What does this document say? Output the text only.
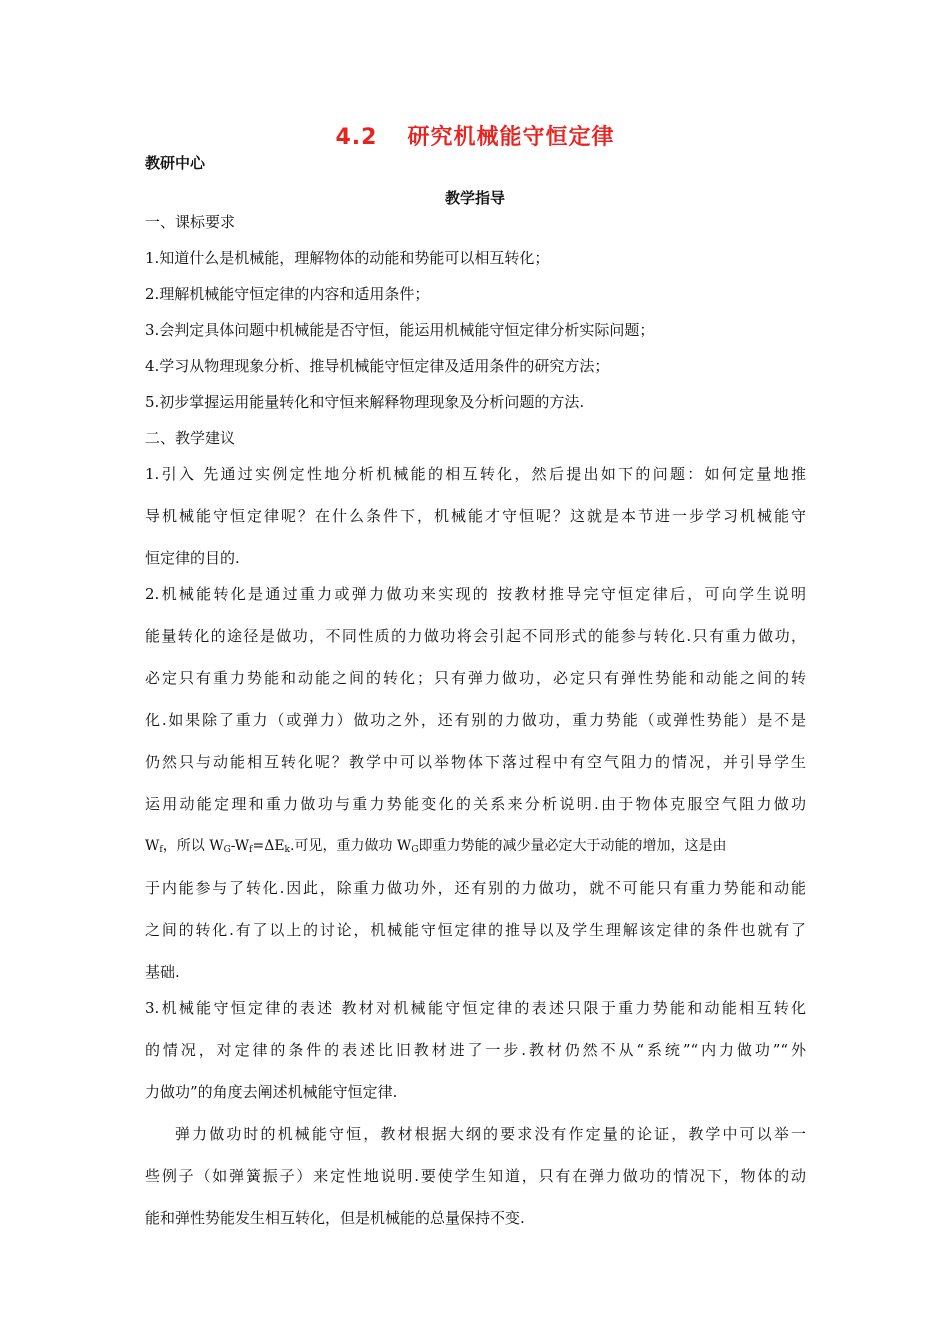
4.2 研究机械能守恒定律
教研中心
教学指导
一、课标要求
1.知道什么是机械能，理解物体的动能和势能可以相互转化；
2.理解机械能守恒定律的内容和适用条件；
3.会判定具体问题中机械能是否守恒，能运用机械能守恒定律分析实际问题；
4.学习从物理现象分析、推导机械能守恒定律及适用条件的研究方法；
5.初步掌握运用能量转化和守恒来解释物理现象及分析问题的方法.
二、教学建议
1.引入 先通过实例定性地分析机械能的相互转化，然后提出如下的问题：如何定量地推
导机械能守恒定律呢？在什么条件下，机械能才守恒呢？这就是本节进一步学习机械能守
恒定律的目的.
2.机械能转化是通过重力或弹力做功来实现的 按教材推导完守恒定律后，可向学生说明
能量转化的途径是做功，不同性质的力做功将会引起不同形式的能参与转化.只有重力做功，
必定只有重力势能和动能之间的转化；只有弹力做功，必定只有弹性势能和动能之间的转
化.如果除了重力（或弹力）做功之外，还有别的力做功，重力势能（或弹性势能）是不是
仍然只与动能相互转化呢？教学中可以举物体下落过程中有空气阻力的情况，并引导学生
运用动能定理和重力做功与重力势能变化的关系来分析说明.由于物体克服空气阻力做功
$W_f$，所以 $W_G-W_f=\Delta E_k$.可见，重力做功 $W_G$即重力势能的减少量必定大于动能的增加，这是由
于内能参与了转化.因此，除重力做功外，还有别的力做功，就不可能只有重力势能和动能
之间的转化.有了以上的讨论，机械能守恒定律的推导以及学生理解该定律的条件也就有了
基础.
3.机械能守恒定律的表述 教材对机械能守恒定律的表述只限于重力势能和动能相互转化
的情况，对定律的条件的表述比旧教材进了一步.教材仍然不从“系统”“内力做功”“外
力做功”的角度去阐述机械能守恒定律.
弹力做功时的机械能守恒，教材根据大纲的要求没有作定量的论证，教学中可以举一
些例子（如弹簧振子）来定性地说明.要使学生知道，只有在弹力做功的情况下，物体的动
能和弹性势能发生相互转化，但是机械能的总量保持不变.
